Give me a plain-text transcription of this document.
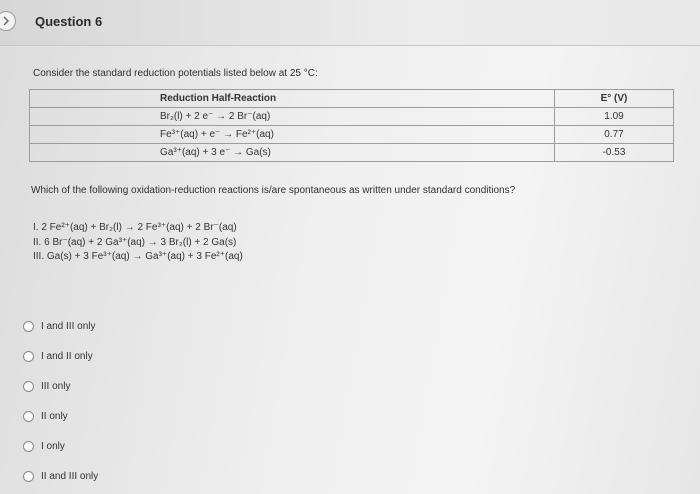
Question 6
Consider the standard reduction potentials listed below at 25 °C:
Reduction Half-Reaction	E° (V)
Br₂(l) + 2 e⁻ → 2 Br⁻(aq)	1.09
Fe³⁺(aq) + e⁻ → Fe²⁺(aq)	0.77
Ga³⁺(aq) + 3 e⁻ → Ga(s)	-0.53
Which of the following oxidation-reduction reactions is/are spontaneous as written under standard conditions?
I. 2 Fe²⁺(aq) + Br₂(l) → 2 Fe³⁺(aq) + 2 Br⁻(aq)
II. 6 Br⁻(aq) + 2 Ga³⁺(aq) → 3 Br₂(l) + 2 Ga(s)
III. Ga(s) + 3 Fe³⁺(aq) → Ga³⁺(aq) + 3 Fe²⁺(aq)
I and III only
I and II only
III only
II only
I only
II and III only
